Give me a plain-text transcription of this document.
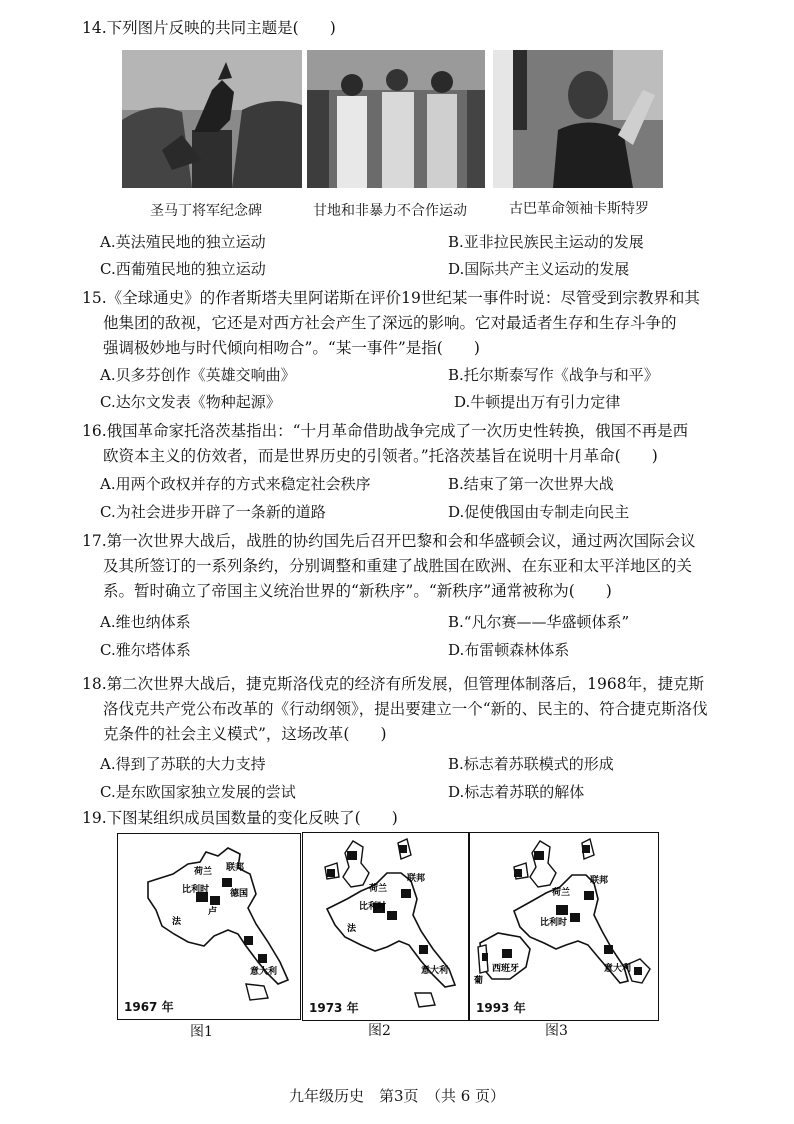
14.下列图片反映的共同主题是(　　)
圣马丁将军纪念碑	甘地和非暴力不合作运动	古巴革命领袖卡斯特罗
A.英法殖民地的独立运动	B.亚非拉民族民主运动的发展
C.西葡殖民地的独立运动	D.国际共产主义运动的发展
15.《全球通史》的作者斯塔夫里阿诺斯在评价19世纪某一事件时说：尽管受到宗教界和其
他集团的敌视，它还是对西方社会产生了深远的影响。它对最适者生存和生存斗争的
强调极妙地与时代倾向相吻合”。“某一事件”是指(　　)
A.贝多芬创作《英雄交响曲》	B.托尔斯泰写作《战争与和平》
C.达尔文发表《物种起源》	D.牛顿提出万有引力定律
16.俄国革命家托洛茨基指出：“十月革命借助战争完成了一次历史性转换，俄国不再是西
欧资本主义的仿效者，而是世界历史的引领者。”托洛茨基旨在说明十月革命(　　)
A.用两个政权并存的方式来稳定社会秩序	B.结束了第一次世界大战
C.为社会进步开辟了一条新的道路	D.促使俄国由专制走向民主
17.第一次世界大战后，战胜的协约国先后召开巴黎和会和华盛顿会议，通过两次国际会议
及其所签订的一系列条约，分别调整和重建了战胜国在欧洲、在东亚和太平洋地区的关
系。暂时确立了帝国主义统治世界的“新秩序”。“新秩序”通常被称为(　　)
A.维也纳体系	B.“凡尔赛——华盛顿体系”
C.雅尔塔体系	D.布雷顿森林体系
18.第二次世界大战后，捷克斯洛伐克的经济有所发展，但管理体制落后，1968年，捷克斯
洛伐克共产党公布改革的《行动纲领》，提出要建立一个“新的、民主的、符合捷克斯洛伐
克条件的社会主义模式”，这场改革(　　)
A.得到了苏联的大力支持	B.标志着苏联模式的形成
C.是东欧国家独立发展的尝试	D.标志着苏联的解体
19.下图某组织成员国数量的变化反映了(　　)
荷兰
比利时
卢
联邦
德国
法
意大利
1967 年
荷兰
比利时
联邦
法
意大利
1973 年
荷兰
比利时
联邦
西班牙
葡
意大利
1993 年
图1	图2	图3
九年级历史　第3页　（共 6 页）
